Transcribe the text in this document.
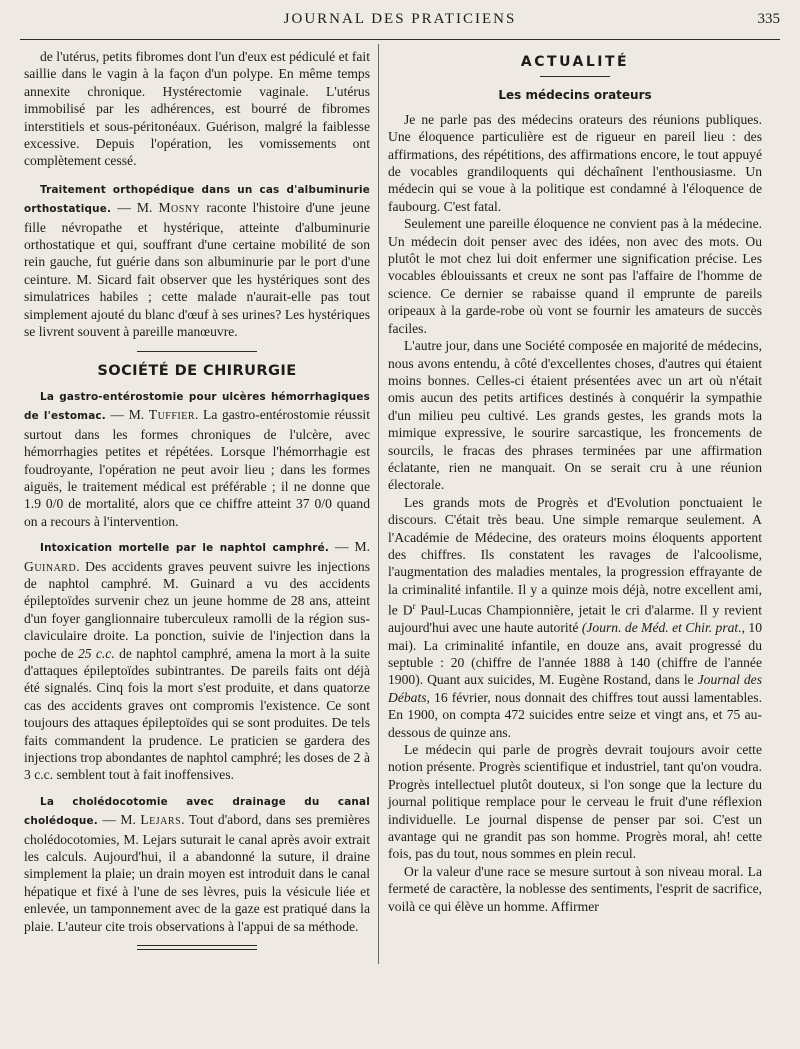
JOURNAL DES PRATICIENS	335

de l'utérus, petits fibromes dont l'un d'eux est pédiculé et fait saillie dans le vagin à la façon d'un polype. En même temps annexite chronique. Hystérectomie vaginale. L'utérus immobilisé par les adhérences, est bourré de fibromes interstitiels et sous-péritonéaux. Guérison, malgré la faiblesse excessive. Depuis l'opération, les vomissements ont complètement cessé.

Traitement orthopédique dans un cas d'albuminurie orthostatique. — M. Mosny raconte l'histoire d'une jeune fille névropathe et hystérique, atteinte d'albuminurie orthostatique et qui, souffrant d'une certaine mobilité de son rein gauche, fut guérie dans son albuminurie par le port d'une ceinture. M. Sicard fait observer que les hystériques sont des simulatrices habiles ; cette malade n'aurait-elle pas tout simplement ajouté du blanc d'œuf à ses urines? Les hystériques se livrent souvent à pareille manœuvre.

SOCIÉTÉ DE CHIRURGIE

La gastro-entérostomie pour ulcères hémorrhagiques de l'estomac. — M. Tuffier. La gastro-entérostomie réussit surtout dans les formes chroniques de l'ulcère, avec hémorrhagies petites et répétées. Lorsque l'hémorrhagie est foudroyante, l'opération ne peut avoir lieu ; dans les formes aiguës, le traitement médical est préférable ; il ne donne que 1.9 0/0 de mortalité, alors que ce chiffre atteint 37 0/0 quand on a recours à l'intervention.

Intoxication mortelle par le naphtol camphré. — M. Guinard. Des accidents graves peuvent suivre les injections de naphtol camphré. M. Guinard a vu des accidents épileptoïdes survenir chez un jeune homme de 28 ans, atteint d'un foyer ganglionnaire tuberculeux ramolli de la région sus-claviculaire droite. La ponction, suivie de l'injection dans la poche de 25 c.c. de naphtol camphré, amena la mort à la suite d'attaques épileptoïdes subintrantes. De pareils faits ont déjà été signalés. Cinq fois la mort s'est produite, et dans quatorze cas des accidents graves ont compromis l'existence. Ce sont toujours des attaques épileptoïdes qui se sont produites. De tels faits commandent la prudence. Le praticien se gardera des injections trop abondantes de naphtol camphré; les doses de 2 à 3 c.c. semblent tout à fait inoffensives.

La cholédocotomie avec drainage du canal cholédoque. — M. Lejars. Tout d'abord, dans ses premières cholédocotomies, M. Lejars suturait le canal après avoir extrait les calculs. Aujourd'hui, il a abandonné la suture, il draine simplement la plaie; un drain moyen est introduit dans le canal hépatique et fixé à l'une de ses lèvres, puis la vésicule liée et enlevée, un tamponnement avec de la gaze est pratiqué dans la plaie. L'auteur cite trois observations à l'appui de sa méthode.

ACTUALITÉ
Les médecins orateurs

Je ne parle pas des médecins orateurs des réunions publiques. Une éloquence particulière est de rigueur en pareil lieu : des affirmations, des répétitions, des affirmations encore, le tout appuyé de vocables grandiloquents qui déchaînent l'enthousiasme. Un médecin qui se voue à la politique est condamné à l'éloquence de faubourg. C'est fatal.

Seulement une pareille éloquence ne convient pas à la médecine. Un médecin doit penser avec des idées, non avec des mots. Ou plutôt le mot chez lui doit enfermer une signification précise. Les vocables éblouissants et creux ne sont pas l'affaire de l'homme de science. Ce dernier se rabaisse quand il emprunte de pareils oripeaux à la garde-robe où vont se fournir les amateurs de succès faciles.

L'autre jour, dans une Société composée en majorité de médecins, nous avons entendu, à côté d'excellentes choses, d'autres qui étaient moins bonnes. Celles-ci étaient présentées avec un art où n'était omis aucun des petits artifices destinés à conquérir la sympathie d'un milieu peu cultivé. Les grands gestes, les grands mots la mimique expressive, le sourire sarcastique, les froncements de sourcils, le fracas des phrases terminées par une affirmation éclatante, rien ne manquait. On se serait cru à une réunion électorale.

Les grands mots de Progrès et d'Evolution ponctuaient le discours. C'était très beau. Une simple remarque seulement. A l'Académie de Médecine, des orateurs moins éloquents apportent des chiffres. Ils constatent les ravages de l'alcoolisme, l'augmentation des maladies mentales, la progression effrayante de la criminalité infantile. Il y a quinze mois déjà, notre excellent ami, le $D^r$ Paul-Lucas Championnière, jetait le cri d'alarme. Il y revient aujourd'hui avec une haute autorité (Journ. de Méd. et Chir. prat., 10 mai). La criminalité infantile, en douze ans, avait progressé du septuble : 20 (chiffre de l'année 1888 à 140 (chiffre de l'année 1900). Quant aux suicides, M. Eugène Rostand, dans le Journal des Débats, 16 février, nous donnait des chiffres tout aussi lamentables. En 1900, on compta 472 suicides entre seize et vingt ans, et 75 au-dessous de quinze ans.

Le médecin qui parle de progrès devrait toujours avoir cette notion présente. Progrès scientifique et industriel, tant qu'on voudra. Progrès intellectuel plutôt douteux, si l'on songe que la lecture du journal politique remplace pour le cerveau le fruit d'une réflexion individuelle. Le journal dispense de penser par soi. C'est un avantage qui ne grandit pas son homme. Progrès moral, ah! cette fois, pas du tout, nous sommes en plein recul.

Or la valeur d'une race se mesure surtout à son niveau moral. La fermeté de caractère, la noblesse des sentiments, l'esprit de sacrifice, voilà ce qui élève un homme. Affirmer
